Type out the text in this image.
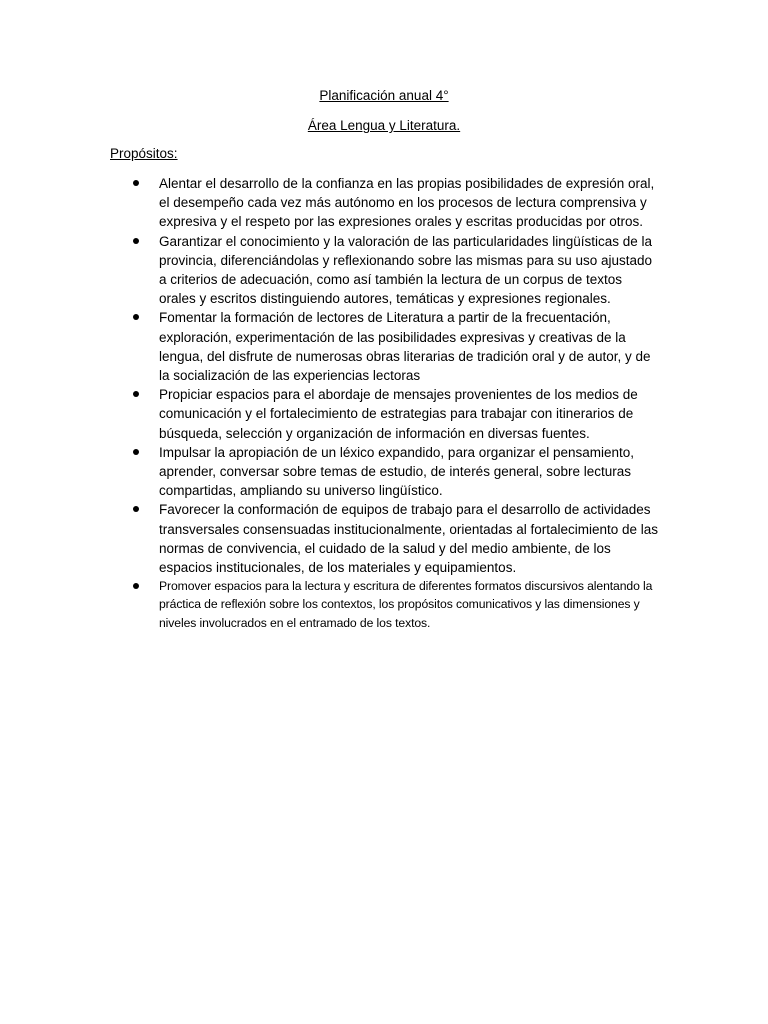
Planificación anual 4°
Área Lengua y Literatura.
Propósitos:
Alentar el desarrollo de la confianza en las propias posibilidades de expresión oral, el desempeño cada vez más autónomo en los procesos de lectura comprensiva y expresiva y el respeto por las expresiones orales y escritas producidas por otros.
Garantizar el conocimiento y la valoración de las particularidades lingüísticas de la provincia, diferenciándolas y reflexionando sobre las mismas para su uso ajustado a criterios de adecuación, como así también la lectura de un corpus de textos orales y escritos distinguiendo autores, temáticas y expresiones regionales.
Fomentar la formación de lectores de Literatura a partir de la frecuentación, exploración, experimentación de las posibilidades expresivas y creativas de la lengua, del disfrute de numerosas obras literarias de tradición oral y de autor, y de la socialización de las experiencias lectoras
Propiciar espacios para el abordaje de mensajes provenientes de los medios de comunicación y el fortalecimiento de estrategias para trabajar con itinerarios de búsqueda, selección y organización de información en diversas fuentes.
Impulsar la apropiación de un léxico expandido, para organizar el pensamiento, aprender, conversar sobre temas de estudio, de interés general, sobre lecturas compartidas, ampliando su universo lingüístico.
Favorecer la conformación de equipos de trabajo para el desarrollo de actividades transversales consensuadas institucionalmente, orientadas al fortalecimiento de las normas de convivencia, el cuidado de la salud y del medio ambiente, de los espacios institucionales, de los materiales y equipamientos.
Promover espacios para la lectura y escritura de diferentes formatos discursivos alentando la práctica de reflexión sobre los contextos, los propósitos comunicativos y las dimensiones y niveles involucrados en el entramado de los textos.
